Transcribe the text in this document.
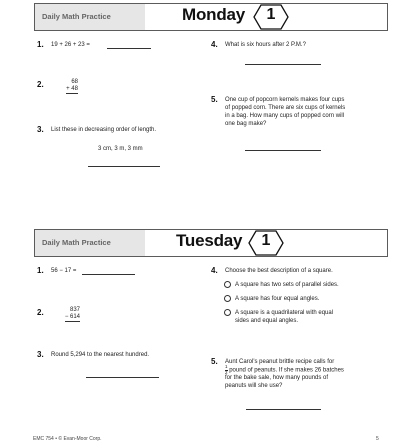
Daily Math Practice	Monday	1
1. 19 + 26 + 23 =
2.	68
+ 48
3. List these in decreasing order of length.
3 cm, 3 m, 3 mm
4. What is six hours after 2 P.M.?
5. One cup of popcorn kernels makes four cups
of popped corn. There are six cups of kernels
in a bag. How many cups of popped corn will
one bag make?
Daily Math Practice	Tuesday	1
1. 56 − 17 =
2.	837
− 614
3. Round 5,294 to the nearest hundred.
4. Choose the best description of a square.
A square has two sets of parallel sides.
A square has four equal angles.
A square is a quadrilateral with equal
sides and equal angles.
5. Aunt Carol's peanut brittle recipe calls for
$\frac{1}{2}$ pound of peanuts. If she makes 26 batches
for the bake sale, how many pounds of
peanuts will she use?
EMC 754 • © Evan-Moor Corp.	5
